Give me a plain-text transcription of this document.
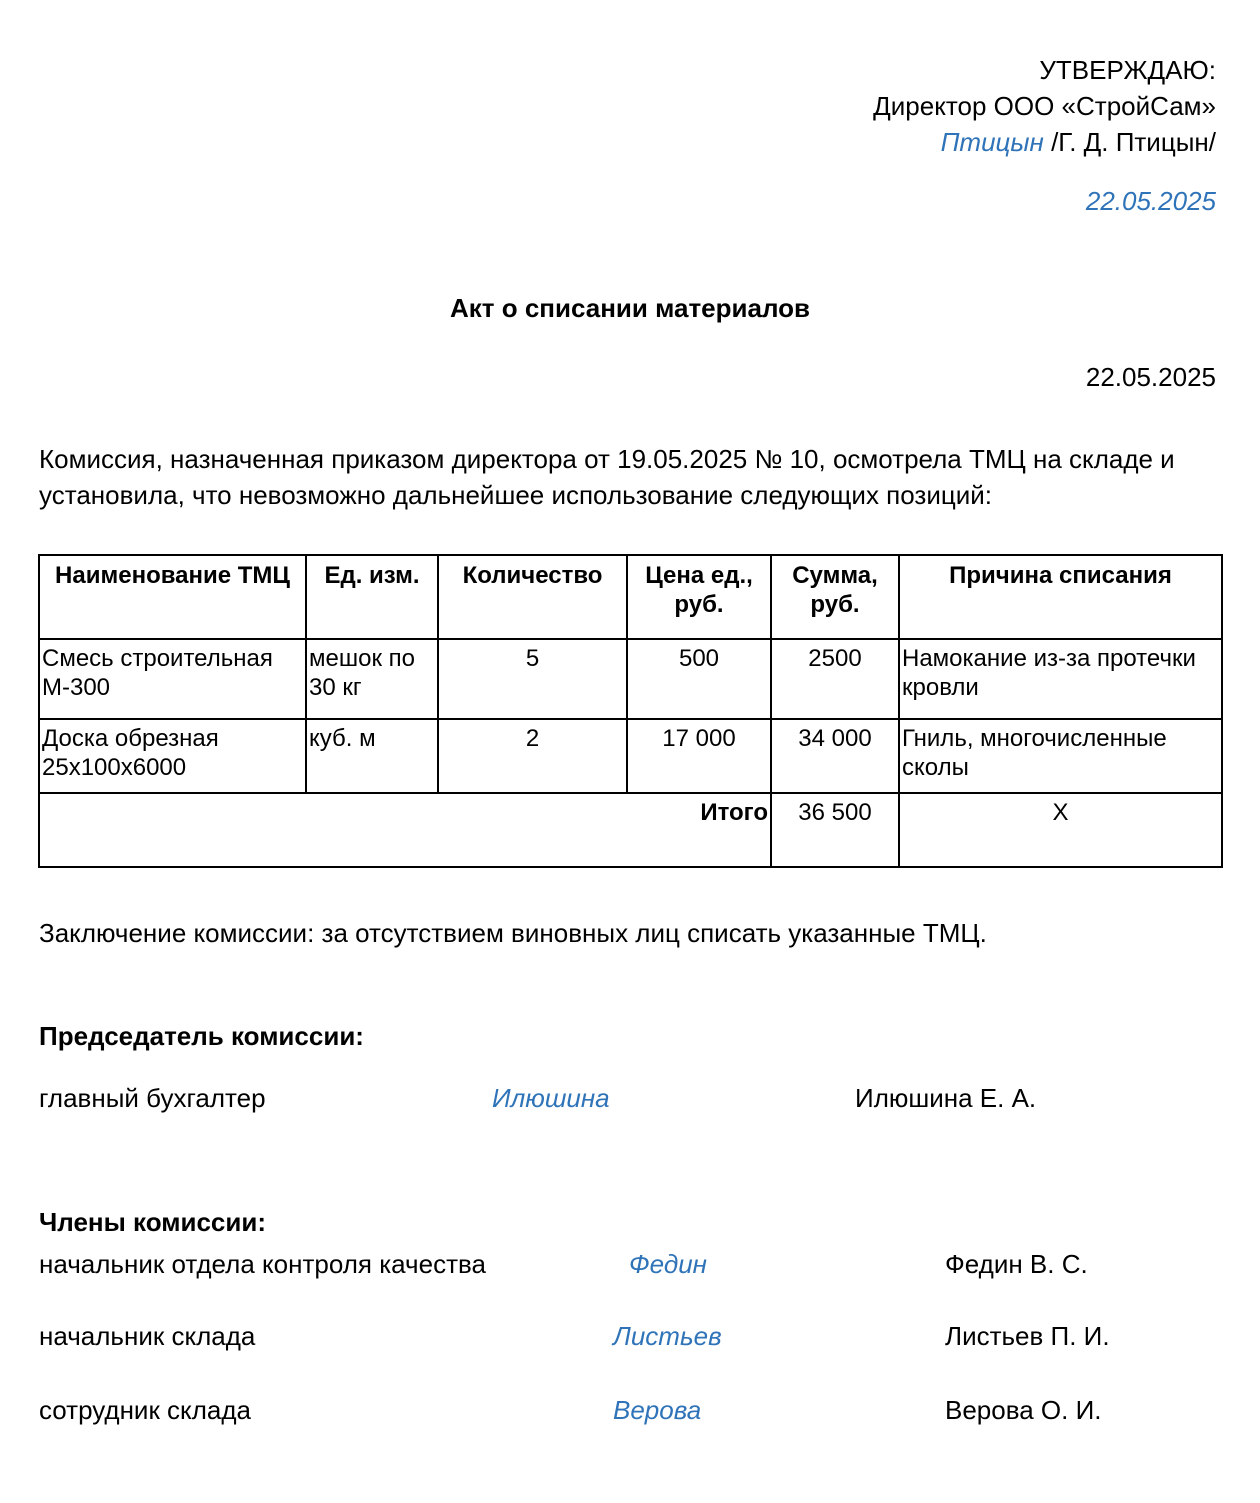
УТВЕРЖДАЮ:
Директор ООО «СтройСам»
Птицын /Г. Д. Птицын/
22.05.2025
Акт о списании материалов
22.05.2025
Комиссия, назначенная приказом директора от 19.05.2025 № 10, осмотрела ТМЦ на складе и установила, что невозможно дальнейшее использование следующих позиций:
Наименование ТМЦ	Ед. изм.	Количество	Цена ед., руб.	Сумма, руб.	Причина списания
Смесь строительная М-300	мешок по 30 кг	5	500	2500	Намокание из-за протечки кровли
Доска обрезная 25х100х6000	куб. м	2	17 000	34 000	Гниль, многочисленные сколы
Итого				36 500	X
Заключение комиссии: за отсутствием виновных лиц списать указанные ТМЦ.
Председатель комиссии:
главный бухгалтер	Илюшина	Илюшина Е. А.
Члены комиссии:
начальник отдела контроля качества	Федин	Федин В. С.
начальник склада	Листьев	Листьев П. И.
сотрудник склада	Верова	Верова О. И.
